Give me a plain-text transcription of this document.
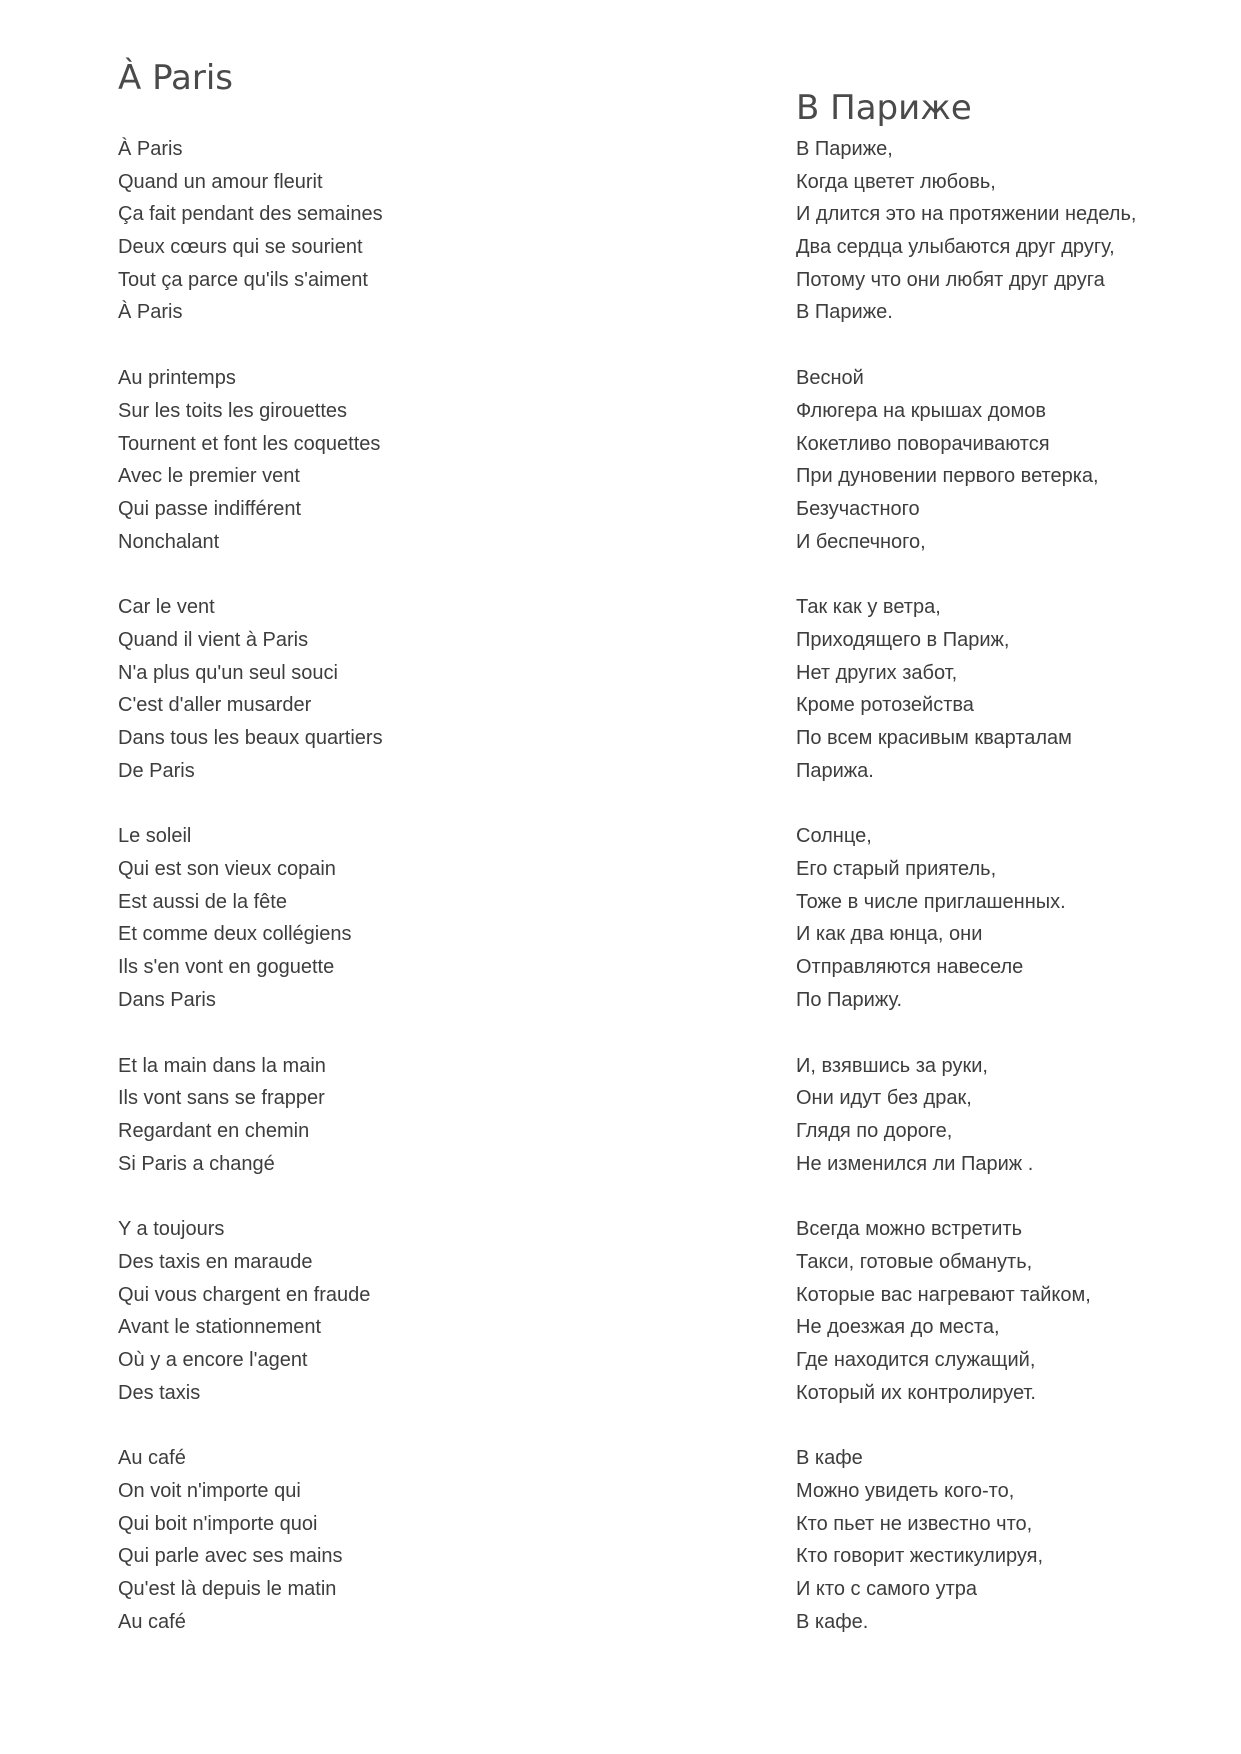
À Paris
À Paris
Quand un amour fleurit
Ça fait pendant des semaines
Deux cœurs qui se sourient
Tout ça parce qu'ils s'aiment
À Paris
Au printemps
Sur les toits les girouettes
Tournent et font les coquettes
Avec le premier vent
Qui passe indifférent
Nonchalant
Car le vent
Quand il vient à Paris
N'a plus qu'un seul souci
C'est d'aller musarder
Dans tous les beaux quartiers
De Paris
Le soleil
Qui est son vieux copain
Est aussi de la fête
Et comme deux collégiens
Ils s'en vont en goguette
Dans Paris
Et la main dans la main
Ils vont sans se frapper
Regardant en chemin
Si Paris a changé
Y a toujours
Des taxis en maraude
Qui vous chargent en fraude
Avant le stationnement
Où y a encore l'agent
Des taxis
Au café
On voit n'importe qui
Qui boit n'importe quoi
Qui parle avec ses mains
Qu'est là depuis le matin
Au café
В Париже
В Париже,
Когда цветет любовь,
И длится это на протяжении недель,
Два сердца улыбаются друг другу,
Потому что они любят друг друга
В Париже.
Весной
Флюгера на крышах домов
Кокетливо поворачиваются
При дуновении первого ветерка,
Безучастного
И беспечного,
Так как у ветра,
Приходящего в Париж,
Нет других забот,
Кроме ротозейства
По всем красивым кварталам
Парижа.
Солнце,
Его старый приятель,
Тоже в числе приглашенных.
И как два юнца, они
Отправляются навеселе
По Парижу.
И, взявшись за руки,
Они идут без драк,
Глядя по дороге,
Не изменился ли Париж .
Всегда можно встретить
Такси, готовые обмануть,
Которые вас нагревают тайком,
Не доезжая до места,
Где находится служащий,
Который их контролирует.
В кафе
Можно увидеть кого-то,
Кто пьет не известно что,
Кто говорит жестикулируя,
И кто с самого утра
В кафе.
